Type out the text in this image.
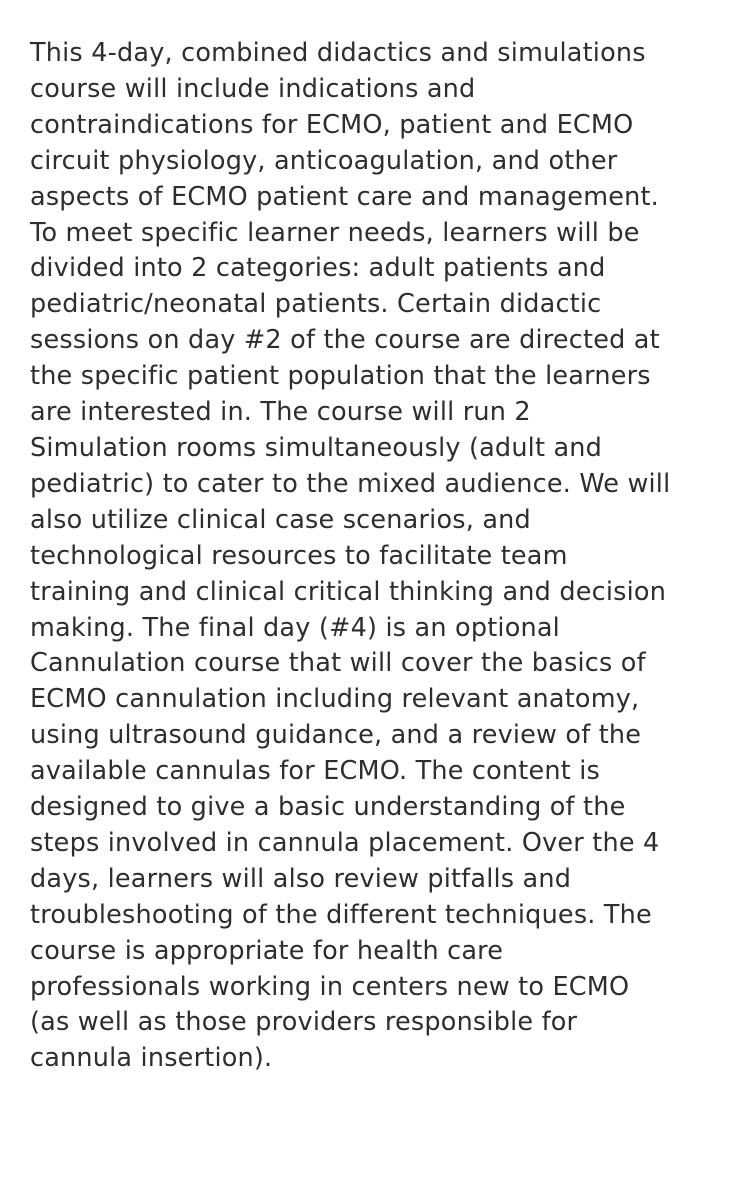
This 4-day, combined didactics and simulations
course will include indications and
contraindications for ECMO, patient and ECMO
circuit physiology, anticoagulation, and other
aspects of ECMO patient care and management.
To meet specific learner needs, learners will be
divided into 2 categories: adult patients and
pediatric/neonatal patients. Certain didactic
sessions on day #2 of the course are directed at
the specific patient population that the learners
are interested in. The course will run 2
Simulation rooms simultaneously (adult and
pediatric) to cater to the mixed audience. We will
also utilize clinical case scenarios, and
technological resources to facilitate team
training and clinical critical thinking and decision
making. The final day (#4) is an optional
Cannulation course that will cover the basics of
ECMO cannulation including relevant anatomy,
using ultrasound guidance, and a review of the
available cannulas for ECMO. The content is
designed to give a basic understanding of the
steps involved in cannula placement. Over the 4
days, learners will also review pitfalls and
troubleshooting of the different techniques. The
course is appropriate for health care
professionals working in centers new to ECMO
(as well as those providers responsible for
cannula insertion).
